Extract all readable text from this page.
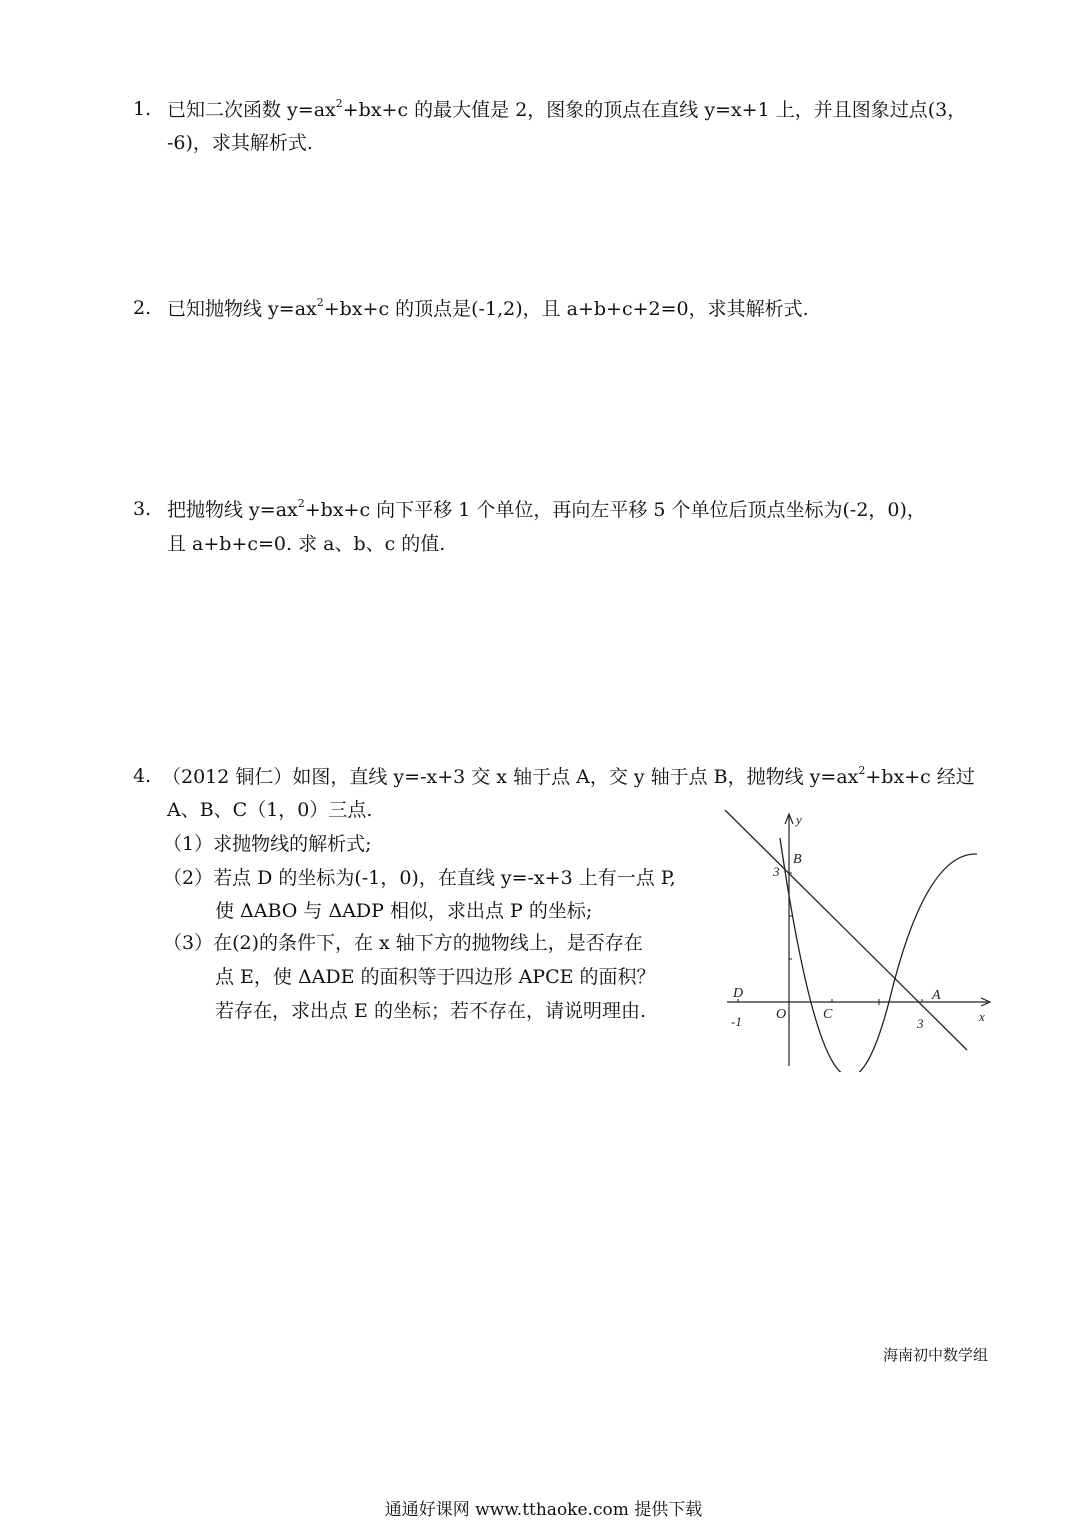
1. 已知二次函数 $y=ax^2+bx+c$ 的最大值是 2，图象的顶点在直线 y=x+1 上，并且图象过点(3，
-6)，求其解析式.
2. 已知抛物线 $y=ax^2+bx+c$ 的顶点是(-1,2)，且 a+b+c+2=0，求其解析式.
3. 把抛物线 $y=ax^2+bx+c$ 向下平移 1 个单位，再向左平移 5 个单位后顶点坐标为(-2，0)，
且 a+b+c=0. 求 a、b、c 的值.
4. （2012 铜仁）如图，直线 y=-x+3 交 x 轴于点 A，交 y 轴于点 B，抛物线 $y=ax^2+bx+c$ 经过
A、B、C（1，0）三点.
（1）求抛物线的解析式;
（2）若点 D 的坐标为(-1，0)，在直线 y=-x+3 上有一点 P,
使 ΔABO 与 ΔADP 相似，求出点 P 的坐标;
（3）在(2)的条件下，在 x 轴下方的抛物线上，是否存在
点 E，使 ΔADE 的面积等于四边形 APCE 的面积？
若存在，求出点 E 的坐标；若不存在，请说明理由.
y
x
B
3
D
-1 O	C
A
3
海南初中数学组
通通好课网 www.tthaoke.com 提供下载
